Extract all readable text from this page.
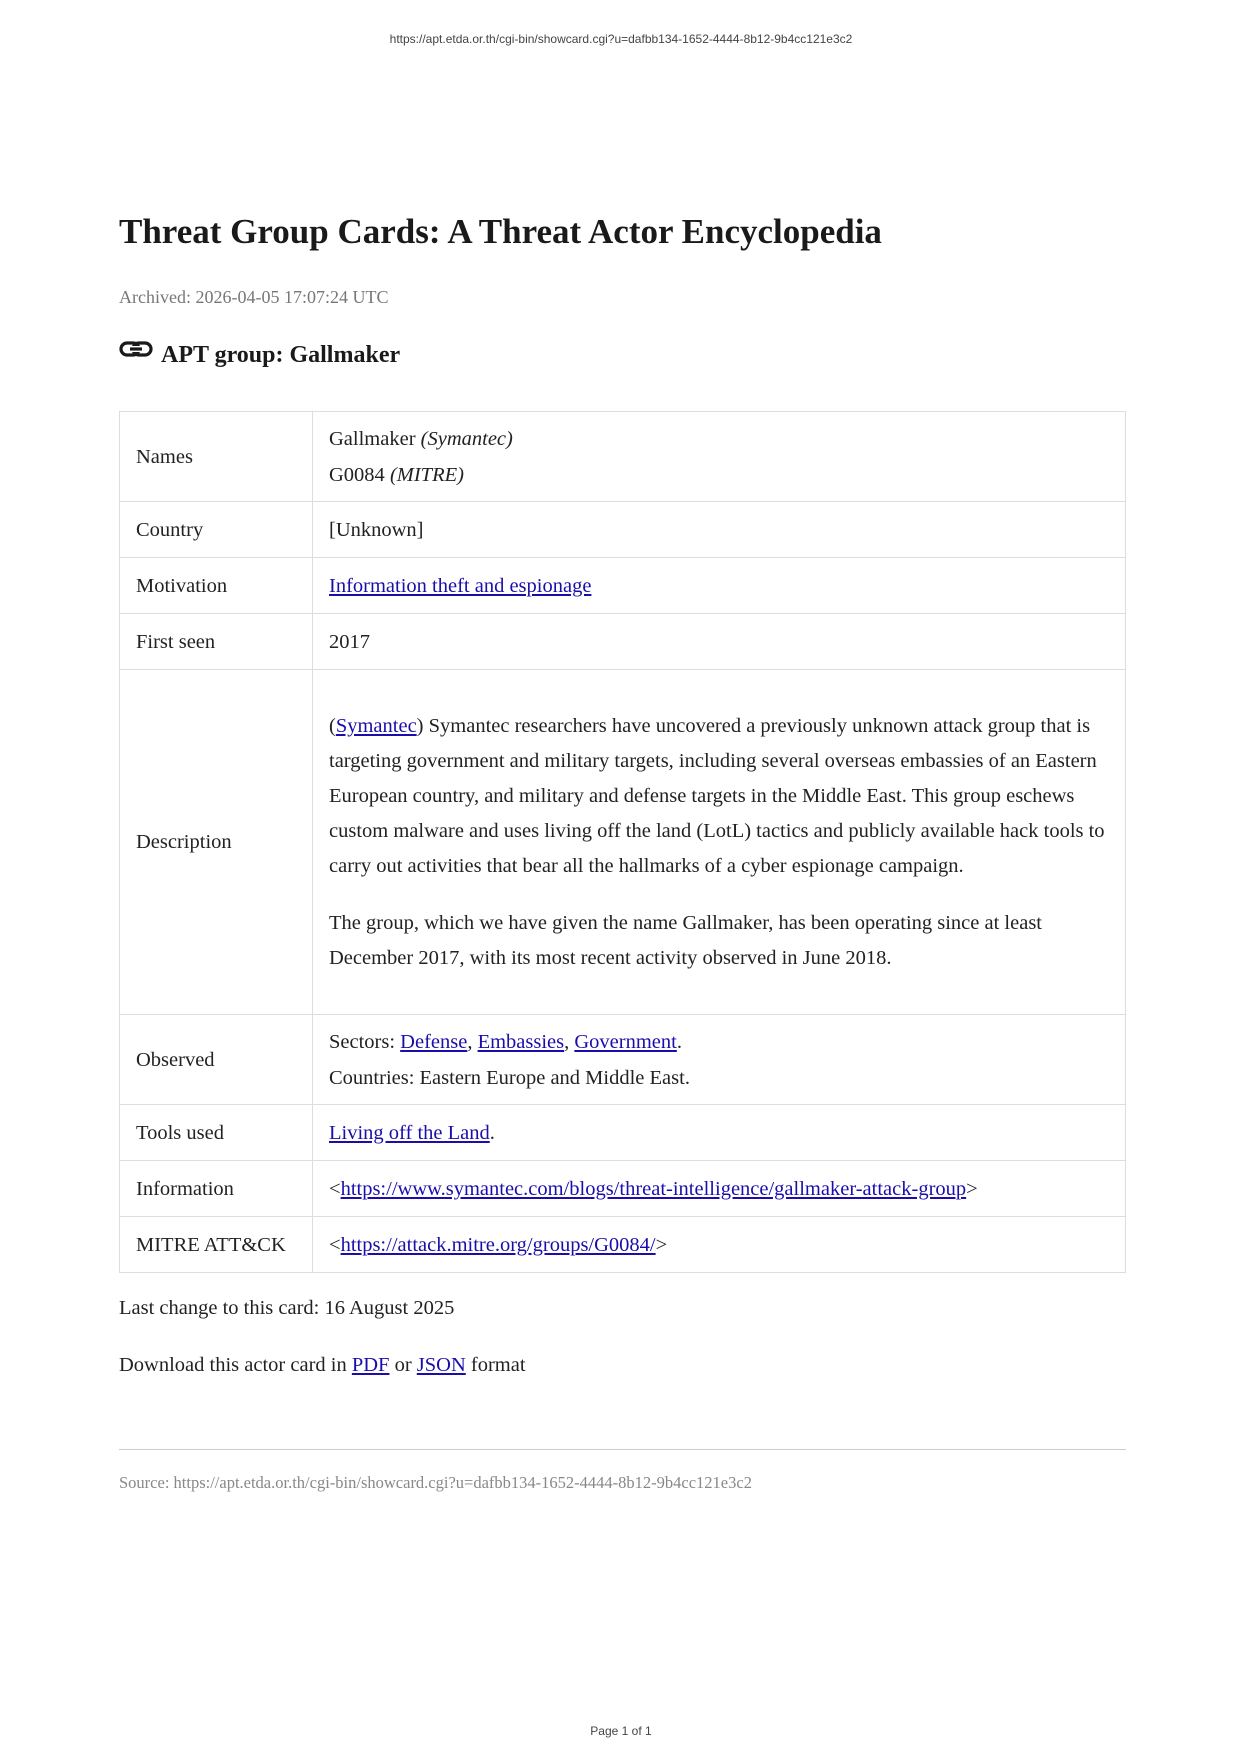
https://apt.etda.or.th/cgi-bin/showcard.cgi?u=dafbb134-1652-4444-8b12-9b4cc121e3c2
Threat Group Cards: A Threat Actor Encyclopedia
Archived: 2026-04-05 17:07:24 UTC
APT group: Gallmaker
Names	Gallmaker (Symantec)
G0084 (MITRE)

Country	[Unknown]
Motivation	Information theft and espionage
First seen	2017
Description	(Symantec) Symantec researchers have uncovered a previously unknown attack group that is targeting government and military targets, including several overseas embassies of an Eastern European country, and military and defense targets in the Middle East. This group eschews custom malware and uses living off the land (LotL) tactics and publicly available hack tools to carry out activities that bear all the hallmarks of a cyber espionage campaign.

The group, which we have given the name Gallmaker, has been operating since at least December 2017, with its most recent activity observed in June 2018.

Observed	Sectors: Defense, Embassies, Government.
Countries: Eastern Europe and Middle East.

Tools used	Living off the Land.
Information	<https://www.symantec.com/blogs/threat-intelligence/gallmaker-attack-group>
MITRE ATT&CK	<https://attack.mitre.org/groups/G0084/>
Last change to this card: 16 August 2025
Download this actor card in PDF or JSON format
Source: https://apt.etda.or.th/cgi-bin/showcard.cgi?u=dafbb134-1652-4444-8b12-9b4cc121e3c2
Page 1 of 1
